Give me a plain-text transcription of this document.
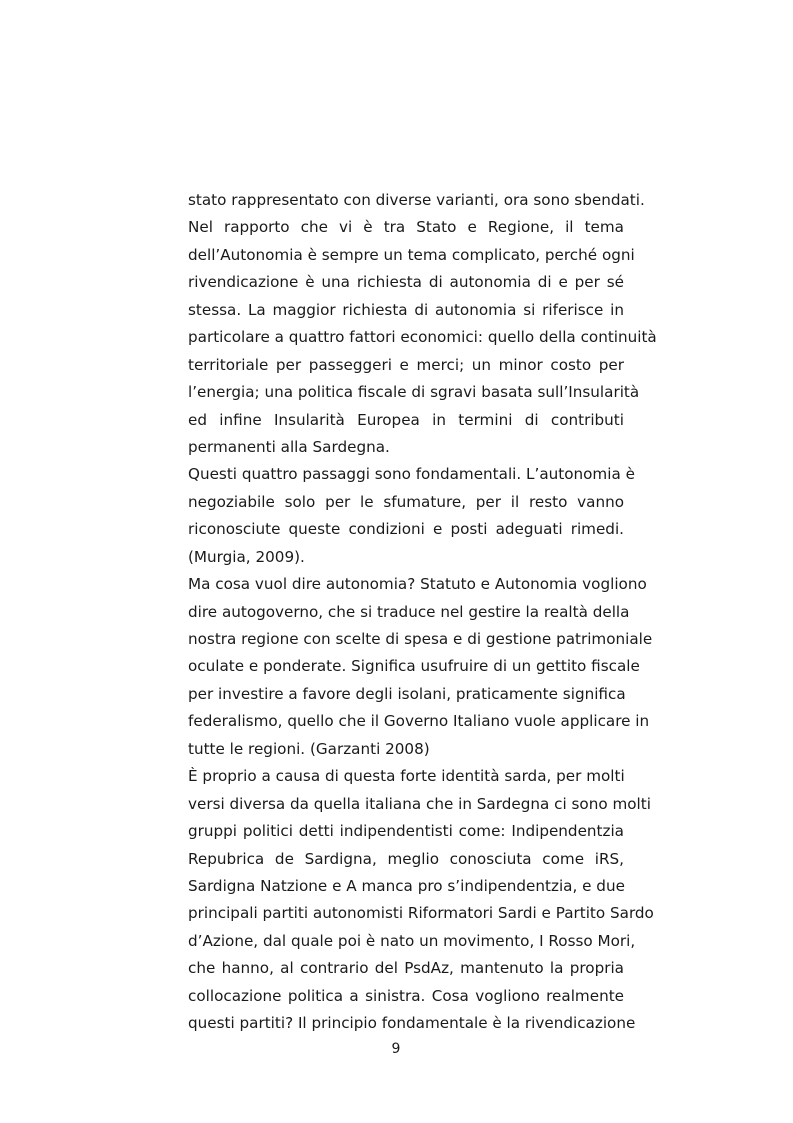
stato rappresentato con diverse varianti, ora sono sbendati.
Nel rapporto che vi è tra Stato e Regione, il tema
dell’Autonomia è sempre un tema complicato, perché ogni
rivendicazione è una richiesta di autonomia di e per sé
stessa. La maggior richiesta di autonomia si riferisce in
particolare a quattro fattori economici: quello della continuità
territoriale per passeggeri e merci; un minor costo per
l’energia; una politica fiscale di sgravi basata sull’Insularità
ed infine Insularità Europea in termini di contributi
permanenti alla Sardegna.
Questi quattro passaggi sono fondamentali. L’autonomia è
negoziabile solo per le sfumature, per il resto vanno
riconosciute queste condizioni e posti adeguati rimedi.
(Murgia, 2009).
Ma cosa vuol dire autonomia? Statuto e Autonomia vogliono
dire autogoverno, che si traduce nel gestire la realtà della
nostra regione con scelte di spesa e di gestione patrimoniale
oculate e ponderate. Significa usufruire di un gettito fiscale
per investire a favore degli isolani, praticamente significa
federalismo, quello che il Governo Italiano vuole applicare in
tutte le regioni. (Garzanti 2008)
È proprio a causa di questa forte identità sarda, per molti
versi diversa da quella italiana che in Sardegna ci sono molti
gruppi politici detti indipendentisti come: Indipendentzia
Repubrica de Sardigna, meglio conosciuta come iRS,
Sardigna Natzione e A manca pro s’indipendentzia, e due
principali partiti autonomisti Riformatori Sardi e Partito Sardo
d’Azione, dal quale poi è nato un movimento, I Rosso Mori,
che hanno, al contrario del PsdAz, mantenuto la propria
collocazione politica a sinistra. Cosa vogliono realmente
questi partiti? Il principio fondamentale è la rivendicazione
9
